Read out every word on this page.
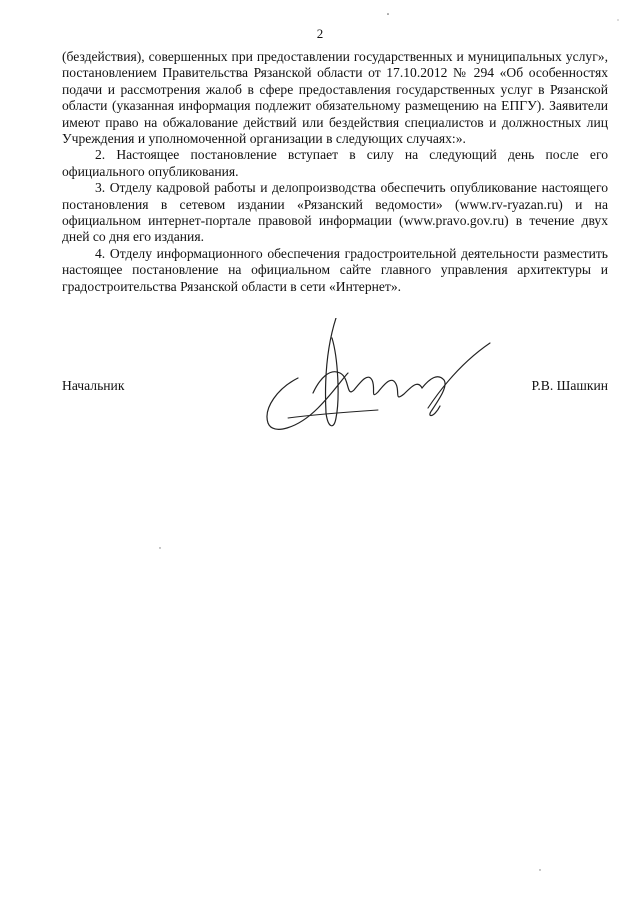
2

(бездействия), совершенных при предоставлении государственных и муниципальных услуг», постановлением Правительства Рязанской области от 17.10.2012 № 294 «Об особенностях подачи и рассмотрения жалоб в сфере предоставления государственных услуг в Рязанской области (указанная информация подлежит обязательному размещению на ЕПГУ). Заявители имеют право на обжалование действий или бездействия специалистов и должностных лиц Учреждения и уполномоченной организации в следующих случаях:».

2. Настоящее постановление вступает в силу на следующий день после его официального опубликования.

3. Отделу кадровой работы и делопроизводства обеспечить опубликование настоящего постановления в сетевом издании «Рязанский ведомости» (www.rv-ryazan.ru) и на официальном интернет-портале правовой информации (www.pravo.gov.ru) в течение двух дней со дня его издания.

4. Отделу информационного обеспечения градостроительной деятельности разместить настоящее постановление на официальном сайте главного управления архитектуры и градостроительства Рязанской области в сети «Интернет».

Начальник	Р.В. Шашкин
